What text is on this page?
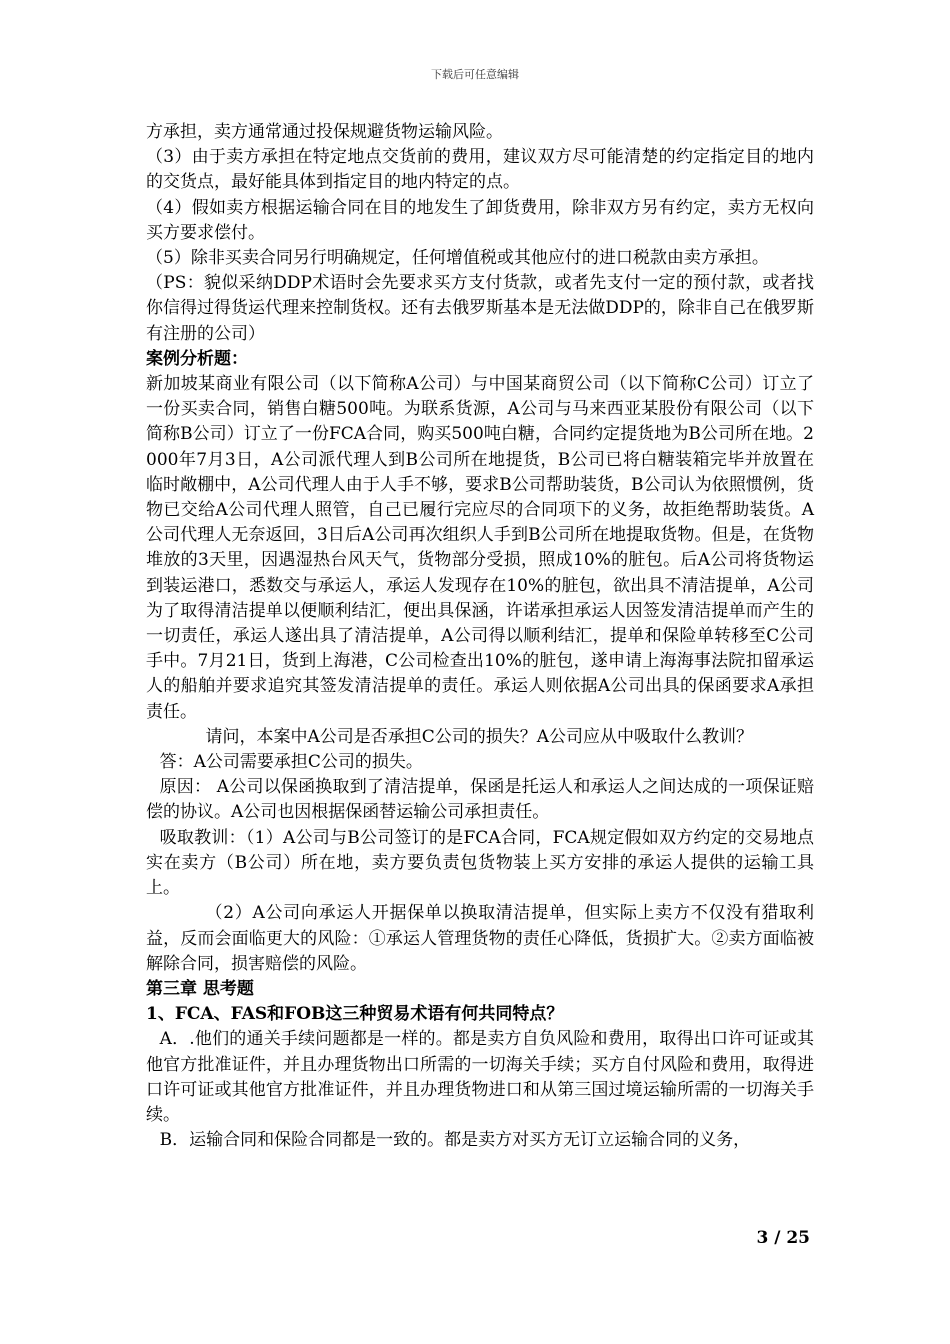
下载后可任意编辑

方承担，卖方通常通过投保规避货物运输风险。

（3）由于卖方承担在特定地点交货前的费用，建议双方尽可能清楚的约定指定目的地内的交货点，最好能具体到指定目的地内特定的点。

（4）假如卖方根据运输合同在目的地发生了卸货费用，除非双方另有约定，卖方无权向买方要求偿付。

（5）除非买卖合同另行明确规定，任何增值税或其他应付的进口税款由卖方承担。

（PS：貌似采纳DDP术语时会先要求买方支付货款，或者先支付一定的预付款，或者找你信得过得货运代理来控制货权。还有去俄罗斯基本是无法做DDP的，除非自己在俄罗斯有注册的公司）

案例分析题：

新加坡某商业有限公司（以下简称A公司）与中国某商贸公司（以下简称C公司）订立了一份买卖合同，销售白糖500吨。为联系货源，A公司与马来西亚某股份有限公司（以下简称B公司）订立了一份FCA合同，购买500吨白糖，合同约定提货地为B公司所在地。2000年7月3日，A公司派代理人到B公司所在地提货，B公司已将白糖装箱完毕并放置在临时敞棚中，A公司代理人由于人手不够，要求B公司帮助装货，B公司认为依照惯例，货物已交给A公司代理人照管，自己已履行完应尽的合同项下的义务，故拒绝帮助装货。A公司代理人无奈返回，3日后A公司再次组织人手到B公司所在地提取货物。但是，在货物堆放的3天里，因遇湿热台风天气，货物部分受损，照成10%的脏包。后A公司将货物运到装运港口，悉数交与承运人，承运人发现存在10%的脏包，欲出具不清洁提单，A公司为了取得清洁提单以便顺利结汇，便出具保涵，许诺承担承运人因签发清洁提单而产生的一切责任，承运人遂出具了清洁提单，A公司得以顺利结汇，提单和保险单转移至C公司手中。7月21日，货到上海港，C公司检查出10%的脏包，遂申请上海海事法院扣留承运人的船舶并要求追究其签发清洁提单的责任。承运人则依据A公司出具的保函要求A承担责任。

请问，本案中A公司是否承担C公司的损失？A公司应从中吸取什么教训？

答：A公司需要承担C公司的损失。

原因： A公司以保函换取到了清洁提单，保函是托运人和承运人之间达成的一项保证赔偿的协议。A公司也因根据保函替运输公司承担责任。

吸取教训：（1）A公司与B公司签订的是FCA合同，FCA规定假如双方约定的交易地点实在卖方（B公司）所在地，卖方要负责包货物装上买方安排的承运人提供的运输工具上。

（2）A公司向承运人开据保单以换取清洁提单，但实际上卖方不仅没有猎取利益，反而会面临更大的风险：①承运人管理货物的责任心降低，货损扩大。②卖方面临被解除合同，损害赔偿的风险。

第三章 思考题

1、FCA、FAS和FOB这三种贸易术语有何共同特点？

A．.他们的通关手续问题都是一样的。都是卖方自负风险和费用，取得出口许可证或其他官方批准证件，并且办理货物出口所需的一切海关手续；买方自付风险和费用，取得进口许可证或其他官方批准证件，并且办理货物进口和从第三国过境运输所需的一切海关手续。

B．运输合同和保险合同都是一致的。都是卖方对买方无订立运输合同的义务，

3 / 25
